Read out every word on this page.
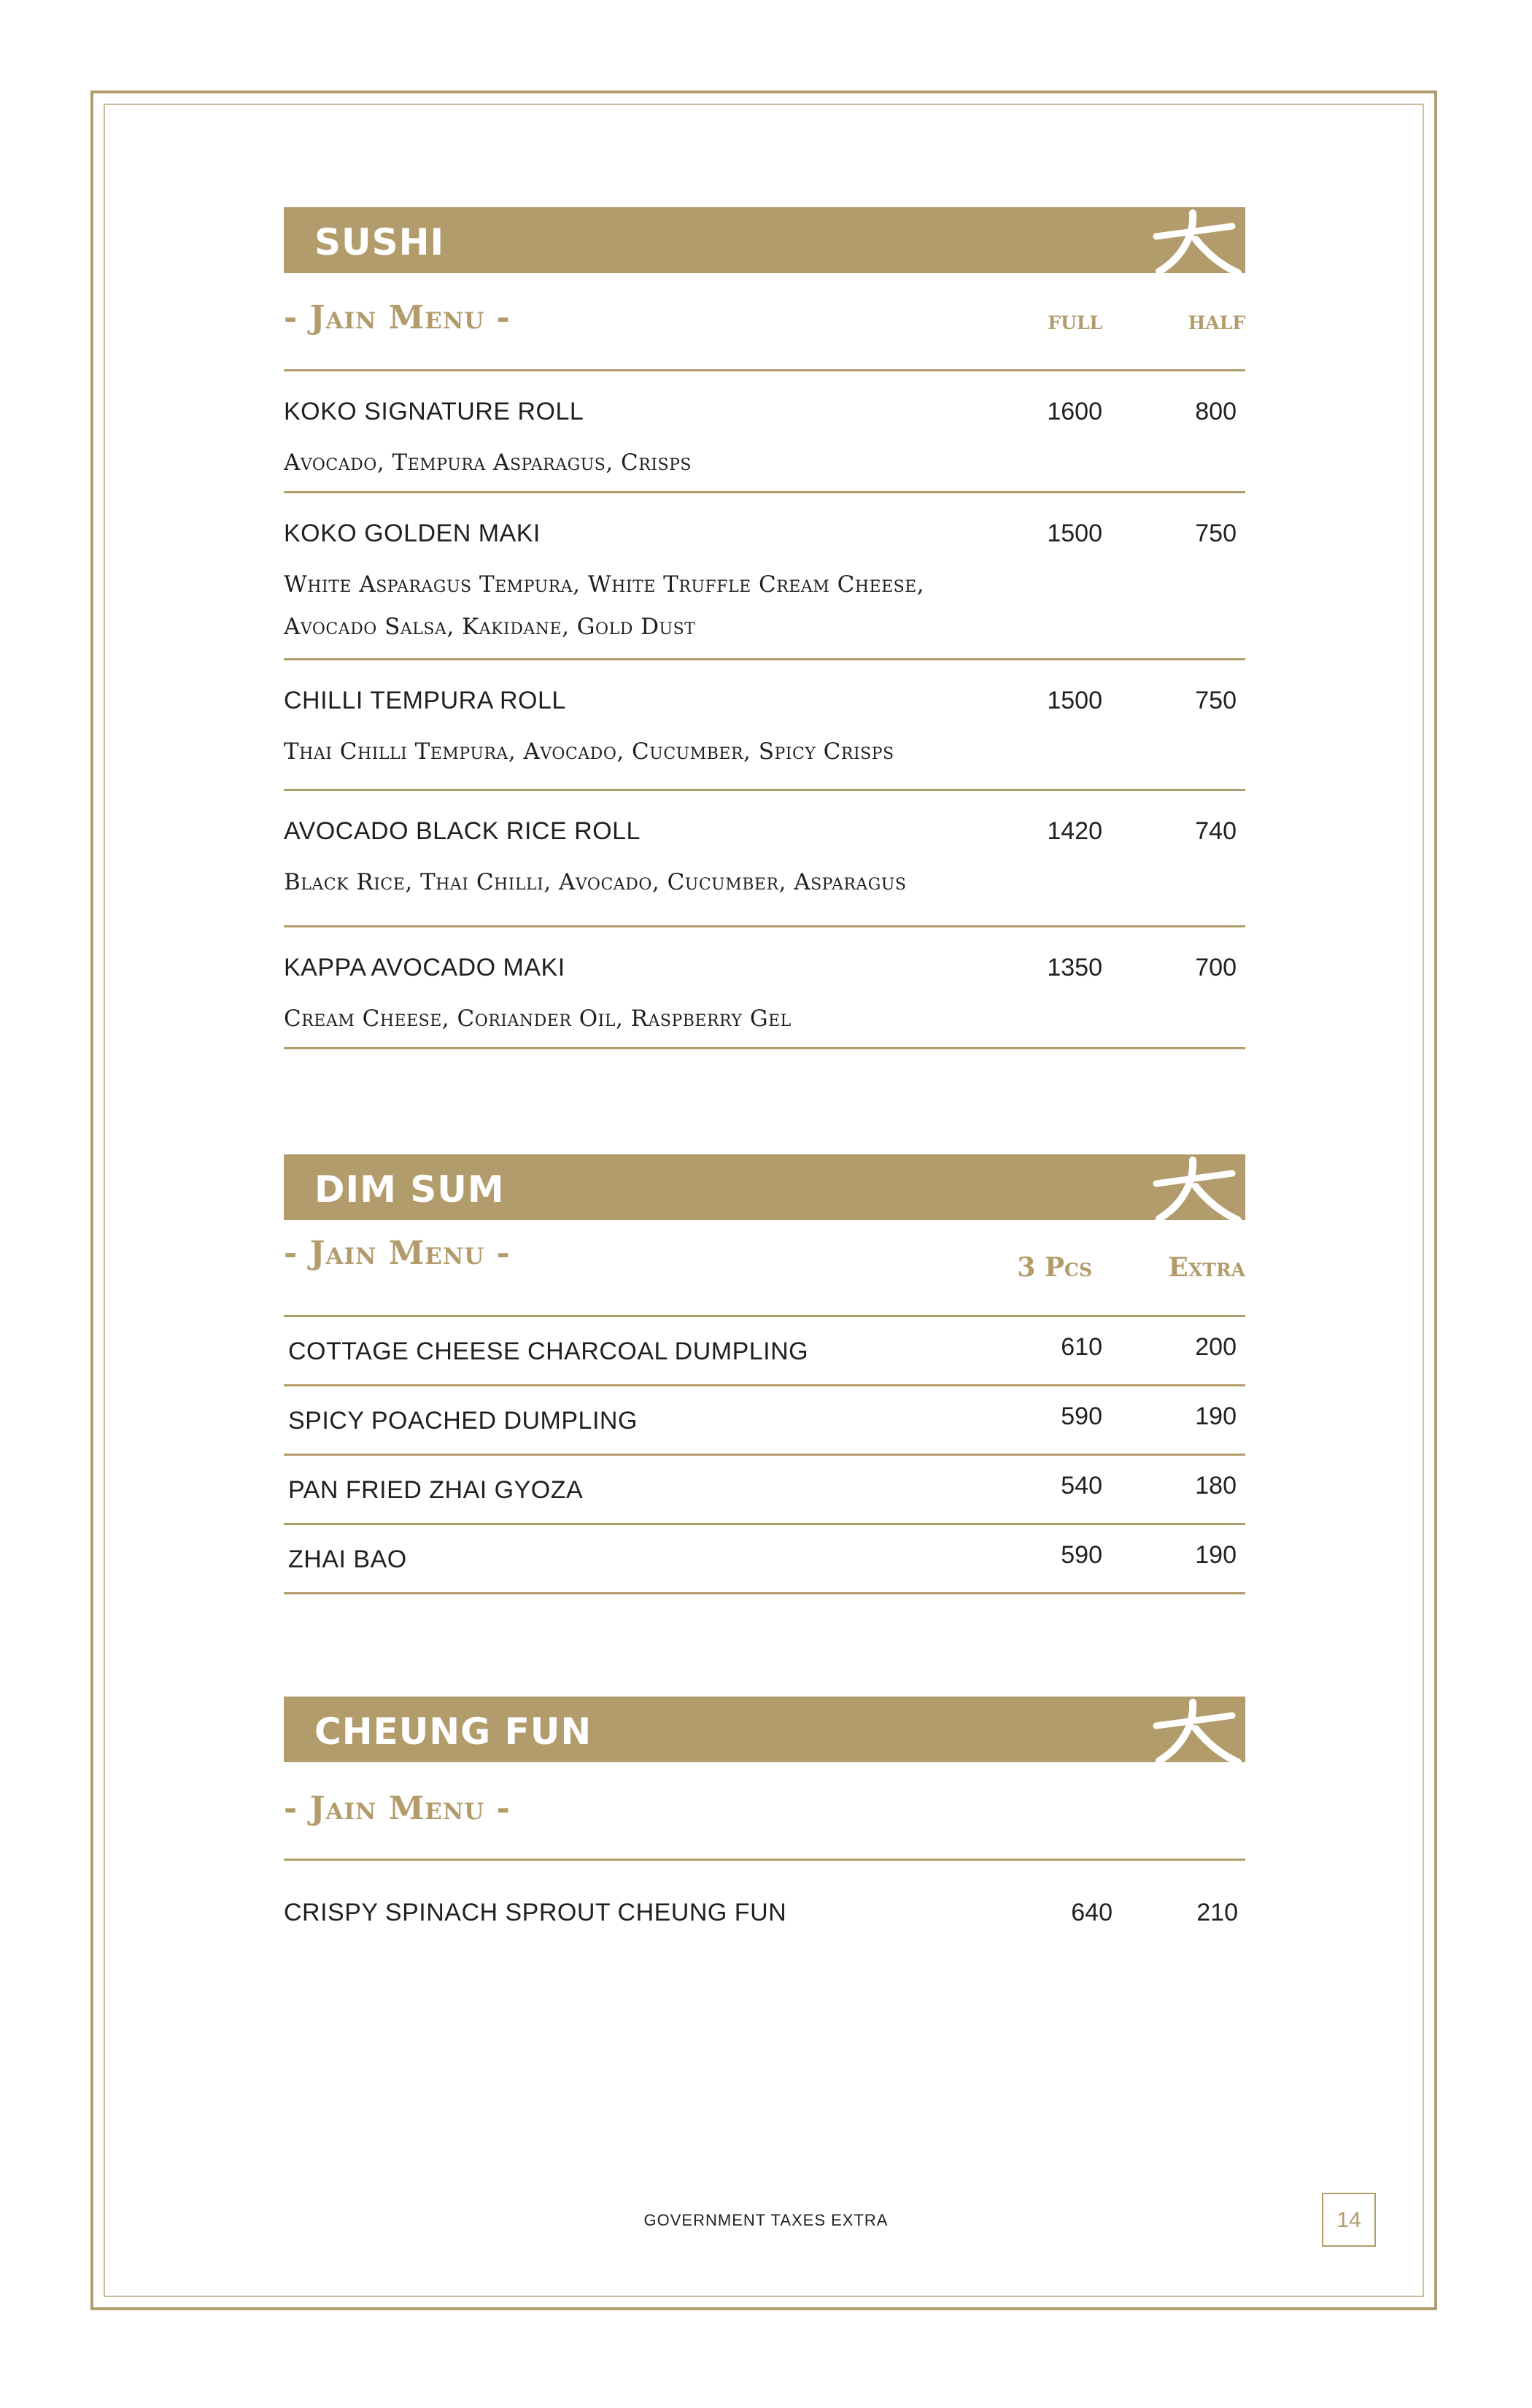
SUSHI
- Jain Menu -	full	half
KOKO SIGNATURE ROLL	1600	800
Avocado, Tempura Asparagus, Crisps
KOKO GOLDEN MAKI	1500	750
White Asparagus Tempura, White Truffle Cream Cheese,
Avocado Salsa, Kakidane, Gold Dust
CHILLI TEMPURA ROLL	1500	750
Thai Chilli Tempura, Avocado, Cucumber, Spicy Crisps
AVOCADO BLACK RICE ROLL	1420	740
Black Rice, Thai Chilli, Avocado, Cucumber, Asparagus
KAPPA AVOCADO MAKI	1350	700
Cream Cheese, Coriander Oil, Raspberry Gel
DIM SUM
- Jain Menu -	3 Pcs	Extra
COTTAGE CHEESE CHARCOAL DUMPLING	610	200
SPICY POACHED DUMPLING	590	190
PAN FRIED ZHAI GYOZA	540	180
ZHAI BAO	590	190
CHEUNG FUN
- Jain Menu -
CRISPY SPINACH SPROUT CHEUNG FUN	640	210
GOVERNMENT TAXES EXTRA	14
